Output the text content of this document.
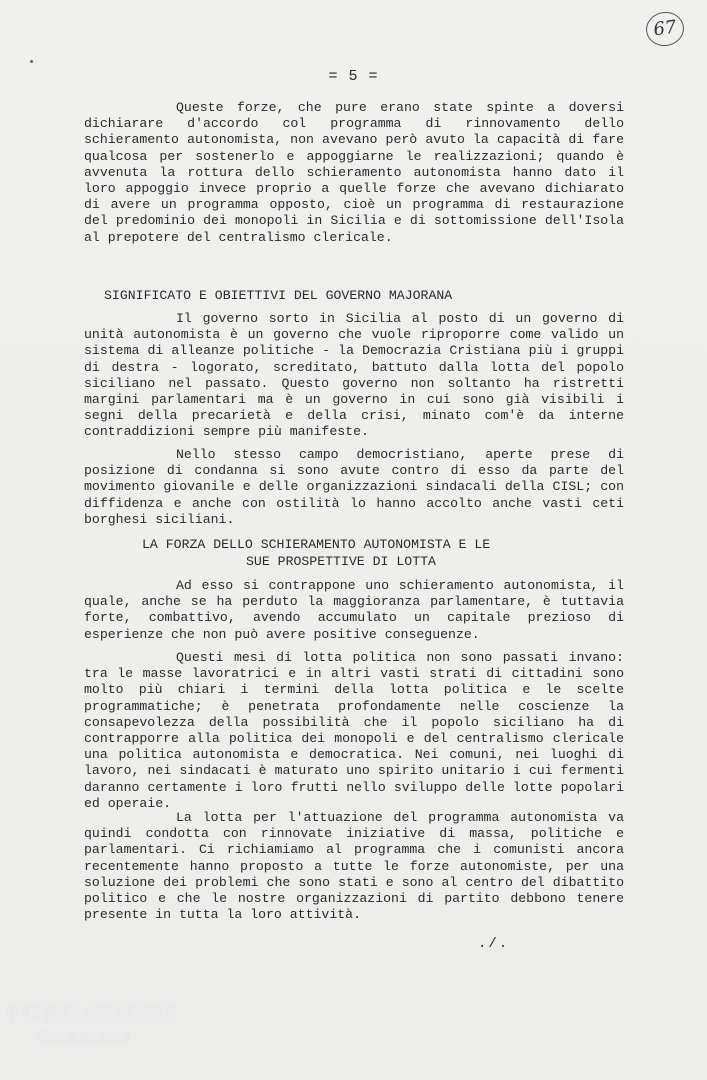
67
= 5 =

Queste forze, che pure erano state spinte a doversi dichiarare d'accordo col programma di rinnovamento dello schieramento autonomista, non avevano però avuto la capacità di fare qualcosa per sostenerlo e appoggiarne le realizzazioni; quando è avvenuta la rottura dello schieramento autonomista hanno dato il loro appoggio invece proprio a quelle forze che avevano dichiarato di avere un programma opposto, cioè un programma di restaurazione del predominio dei monopoli in Sicilia e di sottomissione dell'Isola al prepotere del centralismo clericale.

SIGNIFICATO E OBIETTIVI DEL GOVERNO MAJORANA

Il governo sorto in Sicilia al posto di un governo di unità autonomista è un governo che vuole riproporre come valido un sistema di alleanze politiche - la Democrazia Cristiana più i gruppi di destra - logorato, screditato, battuto dalla lotta del popolo siciliano nel passato. Questo governo non soltanto ha ristretti margini parlamentari ma è un governo in cui sono già visibili i segni della precarietà e della crisi, minato com'è da interne contraddizioni sempre più manifeste.

Nello stesso campo democristiano, aperte prese di posizione di condanna si sono avute contro di esso da parte del movimento giovanile e delle organizzazioni sindacali della CISL; con diffidenza e anche con ostilità lo hanno accolto anche vasti ceti borghesi siciliani.

LA FORZA DELLO SCHIERAMENTO AUTONOMISTA E LE
SUE PROSPETTIVE DI LOTTA

Ad esso si contrappone uno schieramento autonomista, il quale, anche se ha perduto la maggioranza parlamentare, è tuttavia forte, combattivo, avendo accumulato un capitale prezioso di esperienze che non può avere positive conseguenze.

Questi mesi di lotta politica non sono passati invano: tra le masse lavoratrici e in altri vasti strati di cittadini sono molto più chiari i termini della lotta politica e le scelte programmatiche; è penetrata profondamente nelle coscienze la consapevolezza della possibilità che il popolo siciliano ha di contrapporre alla politica dei monopoli e del centralismo clericale una politica autonomista e democratica. Nei comuni, nei luoghi di lavoro, nei sindacati è maturato uno spirito unitario i cui fermenti daranno certamente i loro frutti nello sviluppo delle lotte popolari ed operaie.

La lotta per l'attuazione del programma autonomista va quindi condotta con rinnovate iniziative di massa, politiche e parlamentari. Ci richiamiamo al programma che i comunisti ancora recentemente hanno proposto a tutte le forze autonomiste, per una soluzione dei problemi che sono stati e sono al centro del dibattito politico e che le nostre organizzazioni di partito debbono tenere presente in tutta la loro attività.

./.
FONDAZIONE
GRAMSCI
